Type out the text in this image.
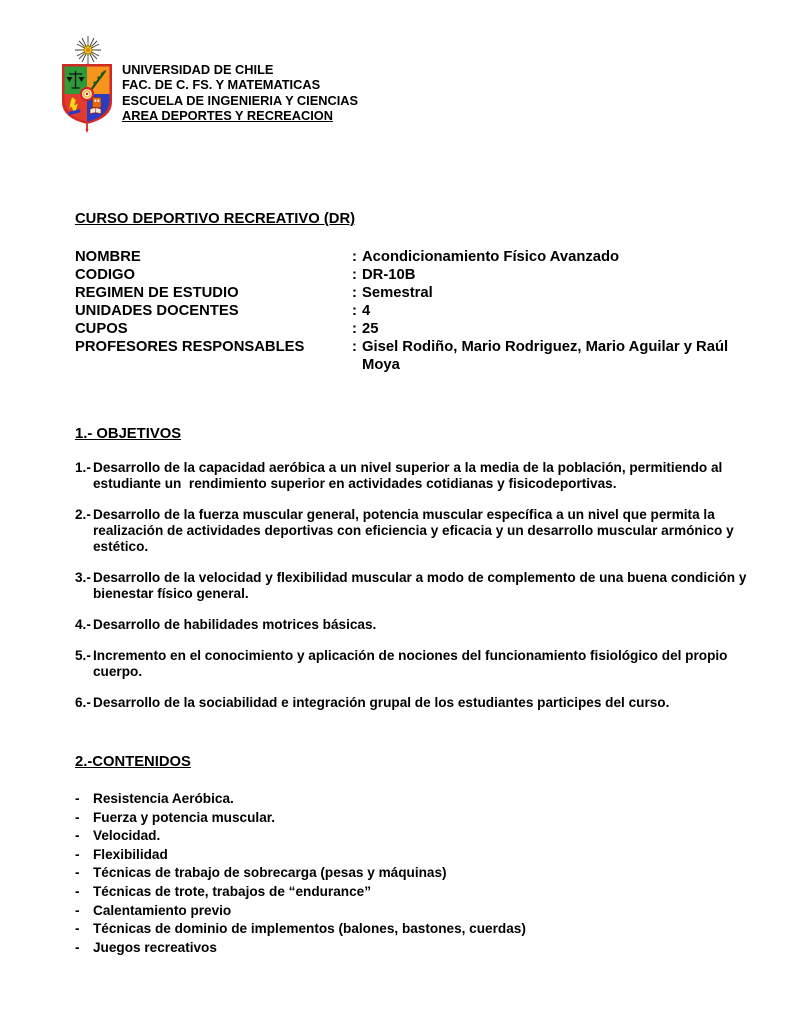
UNIVERSIDAD DE CHILE
FAC. DE C. FS. Y MATEMATICAS
ESCUELA DE INGENIERIA Y CIENCIAS
AREA DEPORTES Y RECREACION
CURSO DEPORTIVO RECREATIVO (DR)
NOMBRE	: Acondicionamiento Físico Avanzado
CODIGO	: DR-10B
REGIMEN DE ESTUDIO	: Semestral
UNIDADES DOCENTES	: 4
CUPOS	: 25
PROFESORES RESPONSABLES	: Gisel Rodiño, Mario Rodriguez, Mario Aguilar y Raúl Moya
1.- OBJETIVOS
1.- Desarrollo de la capacidad aeróbica a un nivel superior a la media de la población, permitiendo al estudiante un  rendimiento superior en actividades cotidianas y fisicodeportivas.
2.- Desarrollo de la fuerza muscular general, potencia muscular específica a un nivel que permita la realización de actividades deportivas con eficiencia y eficacia y un desarrollo muscular armónico y estético.
3.- Desarrollo de la velocidad y flexibilidad muscular a modo de complemento de una buena condición y bienestar físico general.
4.- Desarrollo de habilidades motrices básicas.
5.- Incremento en el conocimiento y aplicación de nociones del funcionamiento fisiológico del propio cuerpo.
6.- Desarrollo de la sociabilidad e integración grupal de los estudiantes participes del curso.
2.-CONTENIDOS
- Resistencia Aeróbica.
- Fuerza y potencia muscular.
- Velocidad.
- Flexibilidad
- Técnicas de trabajo de sobrecarga (pesas y máquinas)
- Técnicas de trote, trabajos de “endurance”
- Calentamiento previo
- Técnicas de dominio de implementos (balones, bastones, cuerdas)
- Juegos recreativos
